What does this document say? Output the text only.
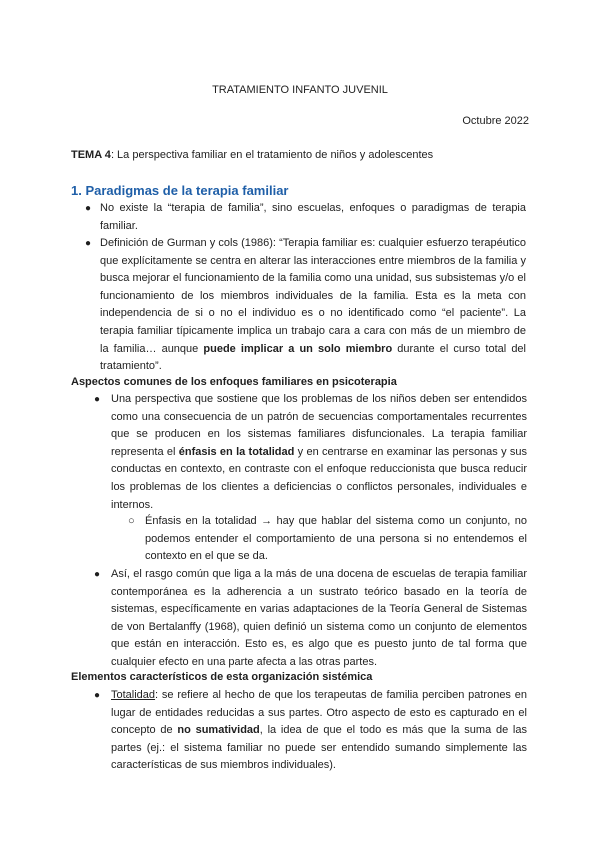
TRATAMIENTO INFANTO JUVENIL
Octubre 2022
TEMA 4: La perspectiva familiar en el tratamiento de niños y adolescentes
1. Paradigmas de la terapia familiar
● No existe la “terapia de familia”, sino escuelas, enfoques o paradigmas de terapia familiar.
● Definición de Gurman y cols (1986): “Terapia familiar es: cualquier esfuerzo terapéutico que explícitamente se centra en alterar las interacciones entre miembros de la familia y busca mejorar el funcionamiento de la familia como una unidad, sus subsistemas y/o el funcionamiento de los miembros individuales de la familia. Esta es la meta con independencia de si o no el individuo es o no identificado como “el paciente”. La terapia familiar típicamente implica un trabajo cara a cara con más de un miembro de la familia… aunque puede implicar a un solo miembro durante el curso total del tratamiento”.
Aspectos comunes de los enfoques familiares en psicoterapia
● Una perspectiva que sostiene que los problemas de los niños deben ser entendidos como una consecuencia de un patrón de secuencias comportamentales recurrentes que se producen en los sistemas familiares disfuncionales. La terapia familiar representa el énfasis en la totalidad y en centrarse en examinar las personas y sus conductas en contexto, en contraste con el enfoque reduccionista que busca reducir los problemas de los clientes a deficiencias o conflictos personales, individuales e internos.
○ Énfasis en la totalidad → hay que hablar del sistema como un conjunto, no podemos entender el comportamiento de una persona si no entendemos el contexto en el que se da.
● Así, el rasgo común que liga a la más de una docena de escuelas de terapia familiar contemporánea es la adherencia a un sustrato teórico basado en la teoría de sistemas, específicamente en varias adaptaciones de la Teoría General de Sistemas de von Bertalanffy (1968), quien definió un sistema como un conjunto de elementos que están en interacción. Esto es, es algo que es puesto junto de tal forma que cualquier efecto en una parte afecta a las otras partes.
Elementos característicos de esta organización sistémica
● Totalidad: se refiere al hecho de que los terapeutas de familia perciben patrones en lugar de entidades reducidas a sus partes. Otro aspecto de esto es capturado en el concepto de no sumatividad, la idea de que el todo es más que la suma de las partes (ej.: el sistema familiar no puede ser entendido sumando simplemente las características de sus miembros individuales).
